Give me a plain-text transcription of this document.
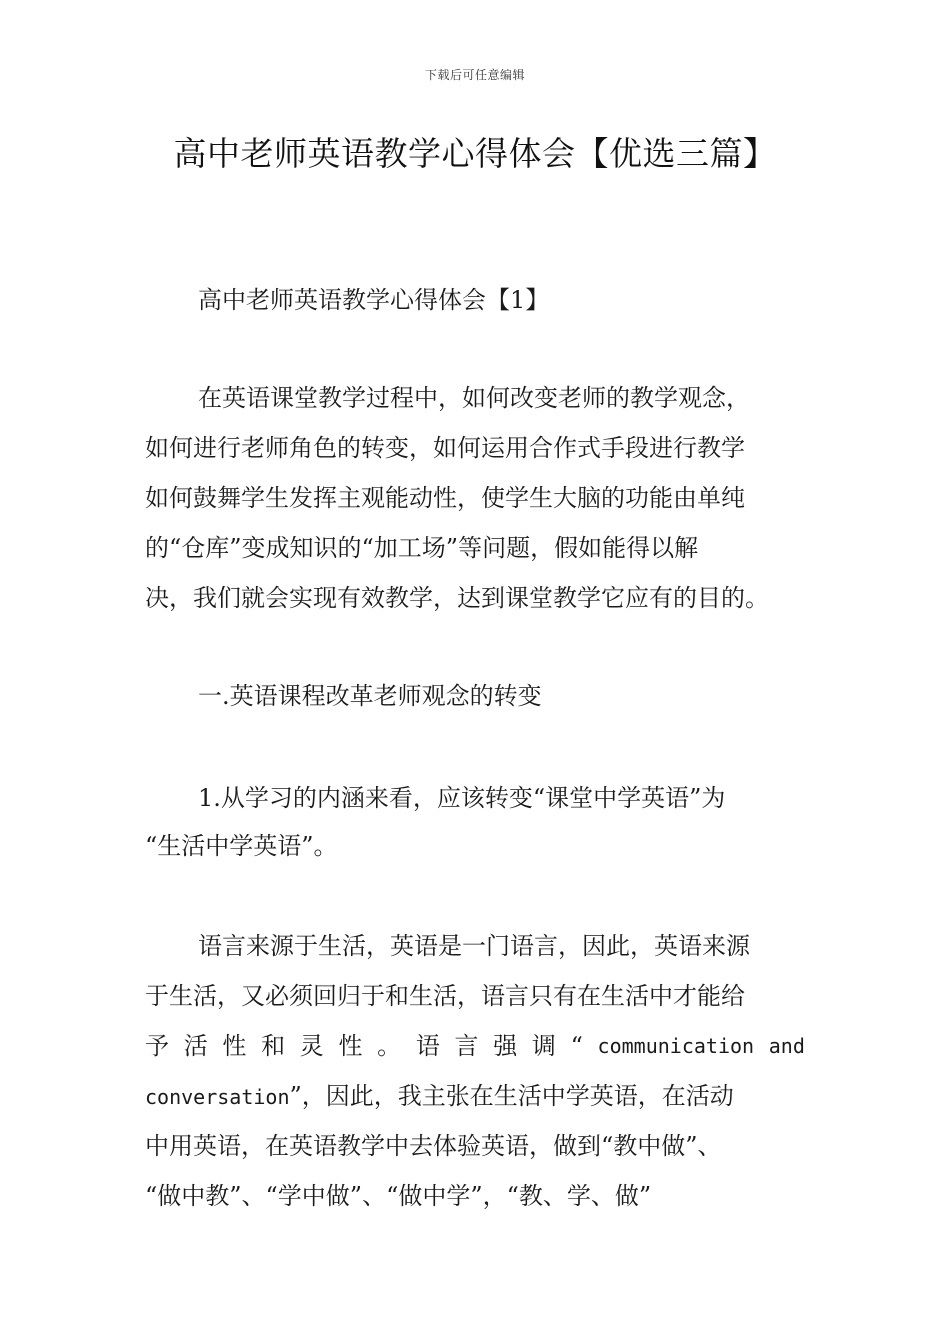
下载后可任意编辑
高中老师英语教学心得体会【优选三篇】
高中老师英语教学心得体会【1】
在英语课堂教学过程中，如何改变老师的教学观念，
如何进行老师角色的转变，如何运用合作式手段进行教学
如何鼓舞学生发挥主观能动性，使学生大脑的功能由单纯
的“仓库”变成知识的“加工场”等问题，假如能得以解
决，我们就会实现有效教学，达到课堂教学它应有的目的。
一.英语课程改革老师观念的转变
1.从学习的内涵来看，应该转变“课堂中学英语”为
“生活中学英语”。
语言来源于生活，英语是一门语言，因此，英语来源
于生活，又必须回归于和生活，语言只有在生活中才能给
予 活 性 和 灵 性 。 语 言 强 调 “ communication and
conversation”，因此，我主张在生活中学英语，在活动
中用英语，在英语教学中去体验英语，做到“教中做”、
“做中教”、“学中做”、“做中学”，“教、学、做”
